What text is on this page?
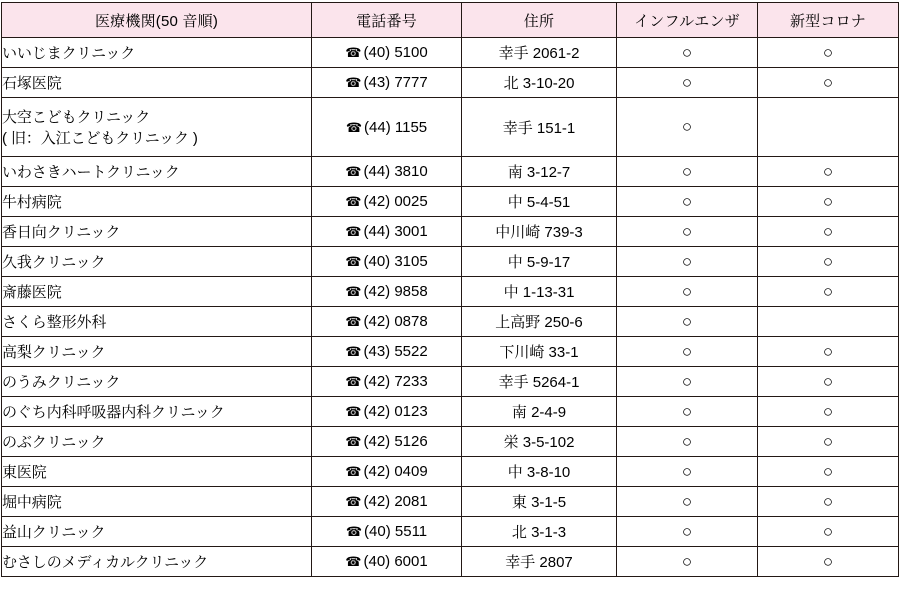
医療機関(50 音順)	電話番号	住所	インフルエンザ	新型コロナ
いいじまクリニック	☎ (40) 5100	幸手 2061-2	○	○
石塚医院	☎ (43) 7777	北 3-10-20	○	○
大空こどもクリニック
( 旧：入江こどもクリニック )	☎ (44) 1155	幸手 151-1	○	
いわさきハートクリニック	☎ (44) 3810	南 3-12-7	○	○
牛村病院	☎ (42) 0025	中 5-4-51	○	○
香日向クリニック	☎ (44) 3001	中川崎 739-3	○	○
久我クリニック	☎ (40) 3105	中 5-9-17	○	○
斎藤医院	☎ (42) 9858	中 1-13-31	○	○
さくら整形外科	☎ (42) 0878	上高野 250-6	○	
高梨クリニック	☎ (43) 5522	下川崎 33-1	○	○
のうみクリニック	☎ (42) 7233	幸手 5264-1	○	○
のぐち内科呼吸器内科クリニック	☎ (42) 0123	南 2-4-9	○	○
のぶクリニック	☎ (42) 5126	栄 3-5-102	○	○
東医院	☎ (42) 0409	中 3-8-10	○	○
堀中病院	☎ (42) 2081	東 3-1-5	○	○
益山クリニック	☎ (40) 5511	北 3-1-3	○	○
むさしのメディカルクリニック	☎ (40) 6001	幸手 2807	○	○
